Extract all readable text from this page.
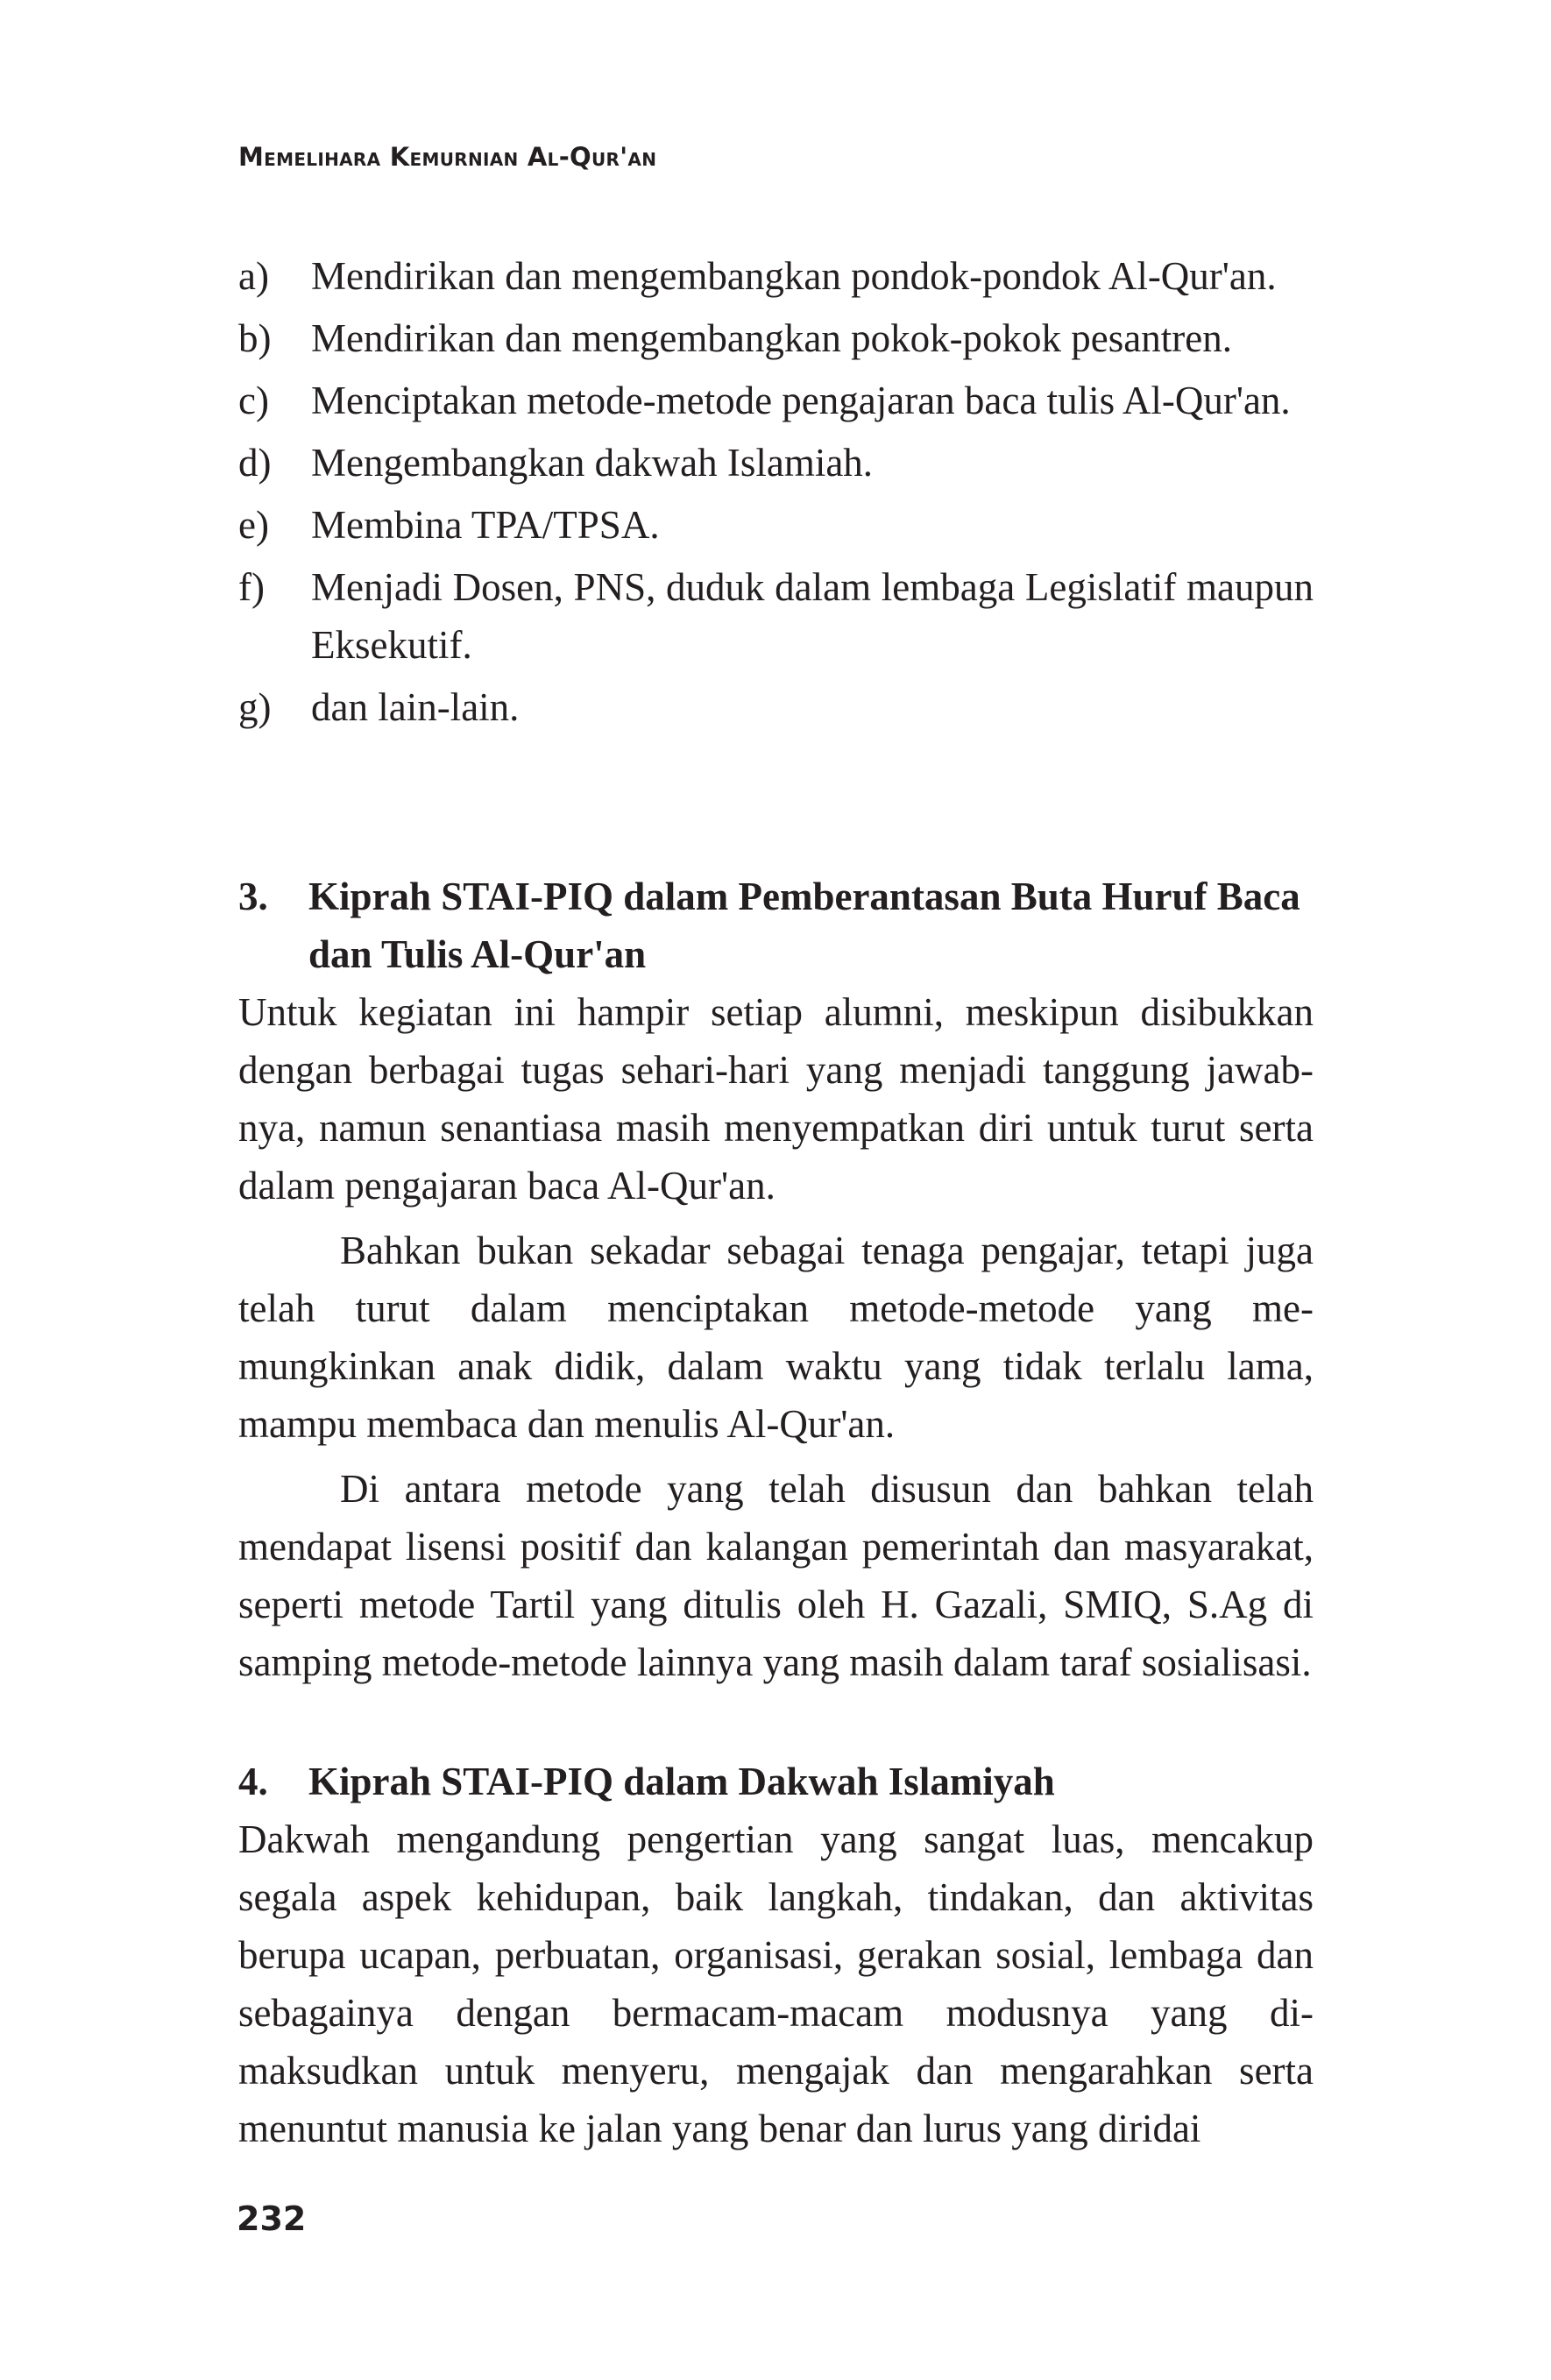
Memelihara Kemurnian Al-Qur'an
a)	Mendirikan dan mengembangkan pondok-pondok Al-Qur'an.
b)	Mendirikan dan mengembangkan pokok-pokok pesantren.
c)	Menciptakan metode-metode pengajaran baca tulis Al-Qur'an.
d)	Mengembangkan dakwah Islamiah.
e)	Membina TPA/TPSA.
f)	Menjadi Dosen, PNS, duduk dalam lembaga Legislatif maupun Eksekutif.
g)	dan lain-lain.
3.	Kiprah STAI-PIQ dalam Pemberantasan Buta Huruf Baca dan Tulis Al-Qur'an

Untuk kegiatan ini hampir setiap alumni, meskipun disibukkan dengan berbagai tugas sehari-hari yang menjadi tanggung jawabnya, namun senantiasa masih menyempatkan diri untuk turut serta dalam pengajaran baca Al-Qur'an.

Bahkan bukan sekadar sebagai tenaga pengajar, tetapi juga telah turut dalam menciptakan metode-metode yang memungkinkan anak didik, dalam waktu yang tidak terlalu lama, mampu membaca dan menulis Al-Qur'an.

Di antara metode yang telah disusun dan bahkan telah mendapat lisensi positif dan kalangan pemerintah dan masyarakat, seperti metode Tartil yang ditulis oleh H. Gazali, SMIQ, S.Ag di samping metode-metode lainnya yang masih dalam taraf sosialisasi.

4.	Kiprah STAI-PIQ dalam Dakwah Islamiyah

Dakwah mengandung pengertian yang sangat luas, mencakup segala aspek kehidupan, baik langkah, tindakan, dan aktivitas berupa ucapan, perbuatan, organisasi, gerakan sosial, lembaga dan sebagainya dengan bermacam-macam modusnya yang dimaksudkan untuk menyeru, mengajak dan mengarahkan serta menuntut manusia ke jalan yang benar dan lurus yang diridai

232
